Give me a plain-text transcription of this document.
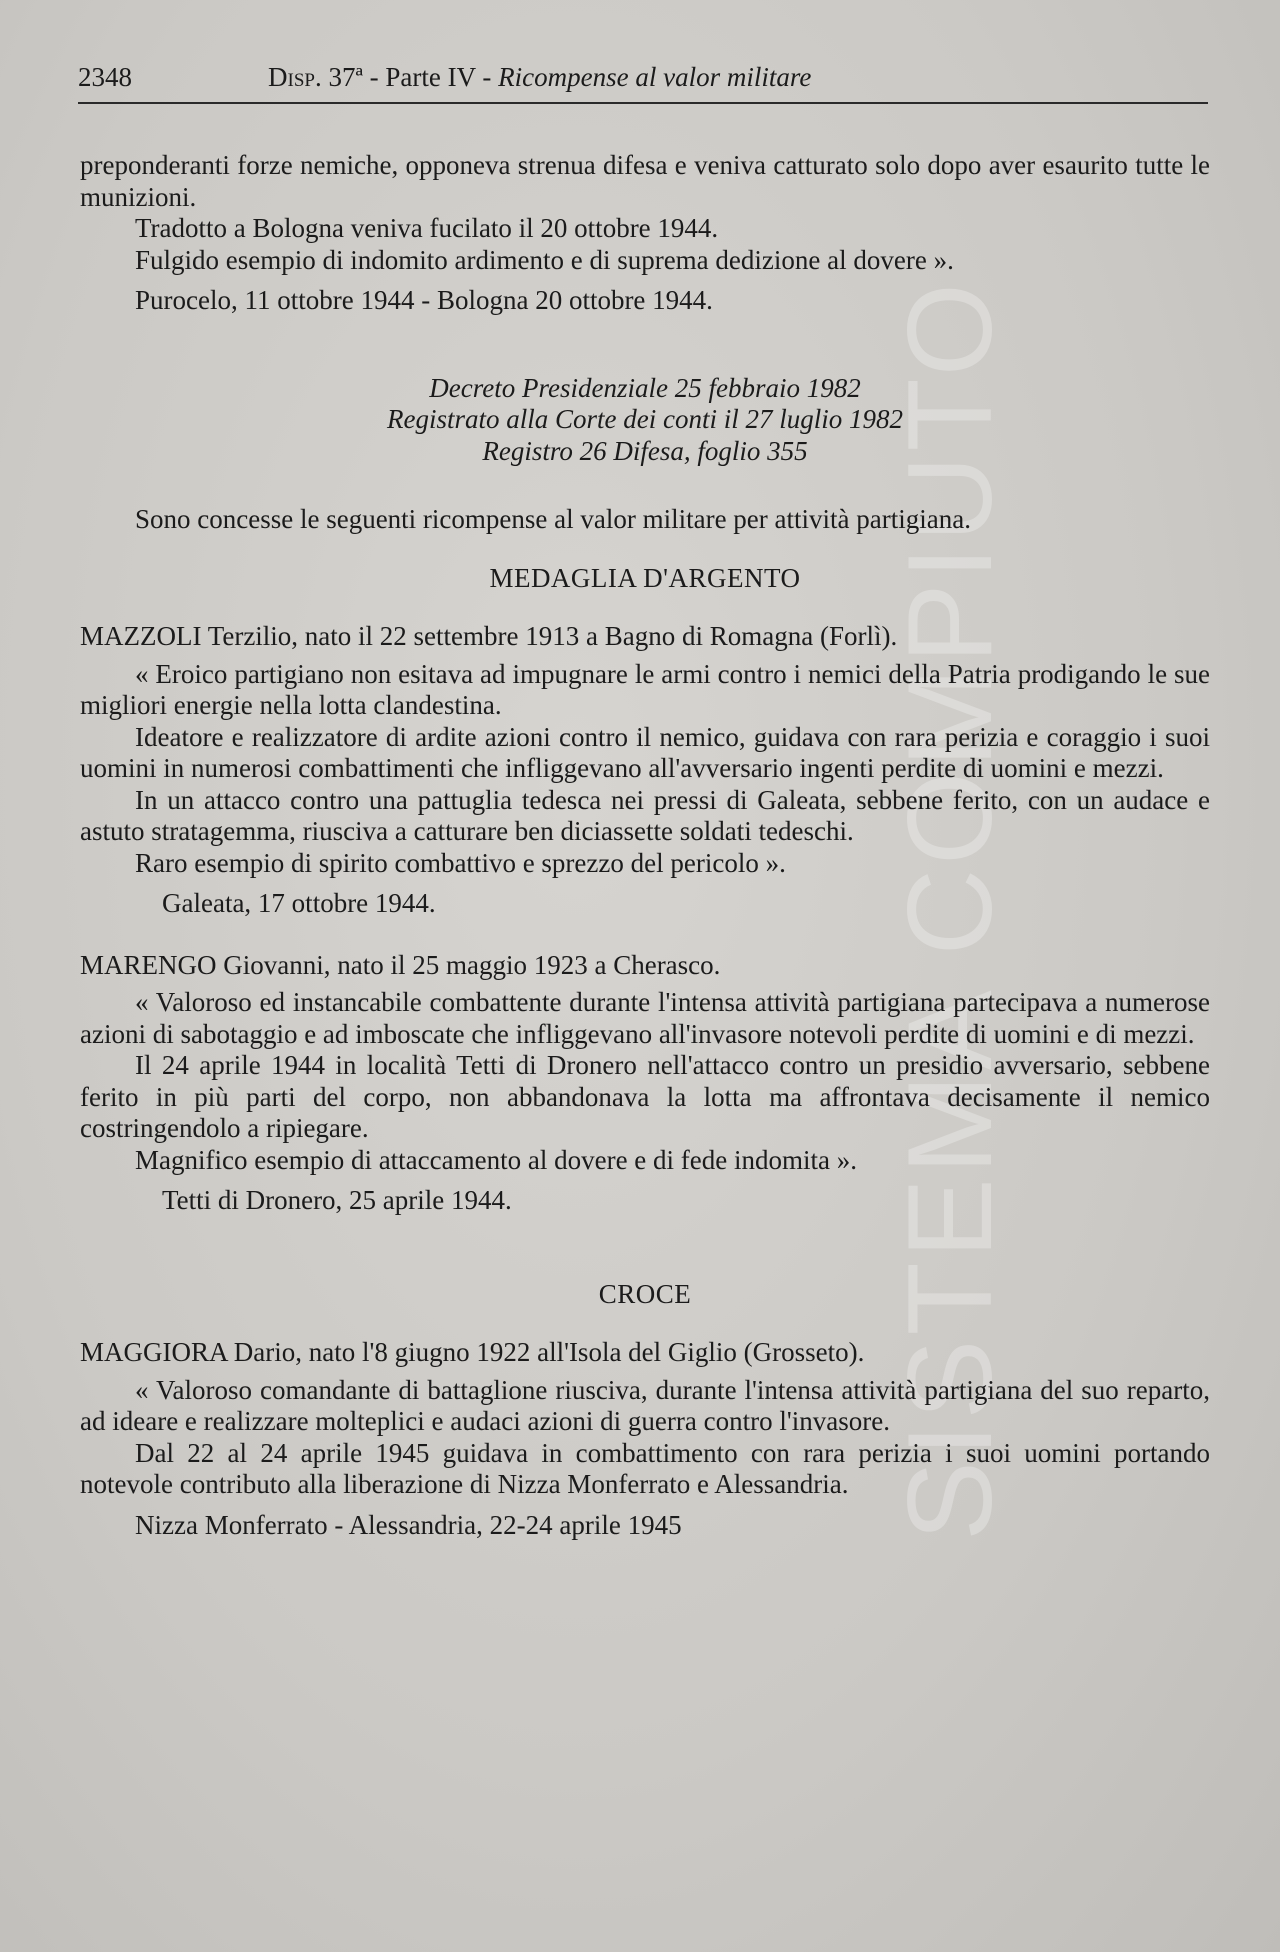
SISTEMA COMPIUTO
2348	Disp. 37ª - Parte IV - Ricompense al valor militare

preponderanti forze nemiche, opponeva strenua difesa e veniva catturato solo dopo aver esaurito tutte le munizioni.

Tradotto a Bologna veniva fucilato il 20 ottobre 1944.

Fulgido esempio di indomito ardimento e di suprema dedizione al dovere ».

Purocelo, 11 ottobre 1944 - Bologna 20 ottobre 1944.

Decreto Presidenziale 25 febbraio 1982

Registrato alla Corte dei conti il 27 luglio 1982

Registro 26 Difesa, foglio 355

Sono concesse le seguenti ricompense al valor militare per attività partigiana.

MEDAGLIA D'ARGENTO

MAZZOLI Terzilio, nato il 22 settembre 1913 a Bagno di Romagna (Forlì).

« Eroico partigiano non esitava ad impugnare le armi contro i nemici della Patria prodigando le sue migliori energie nella lotta clandestina.

Ideatore e realizzatore di ardite azioni contro il nemico, guidava con rara perizia e coraggio i suoi uomini in numerosi combattimenti che infliggevano all'avversario ingenti perdite di uomini e mezzi.

In un attacco contro una pattuglia tedesca nei pressi di Galeata, sebbene ferito, con un audace e astuto stratagemma, riusciva a catturare ben diciassette soldati tedeschi.

Raro esempio di spirito combattivo e sprezzo del pericolo ».

Galeata, 17 ottobre 1944.

MARENGO Giovanni, nato il 25 maggio 1923 a Cherasco.

« Valoroso ed instancabile combattente durante l'intensa attività partigiana partecipava a numerose azioni di sabotaggio e ad imboscate che infliggevano all'invasore notevoli perdite di uomini e di mezzi.

Il 24 aprile 1944 in località Tetti di Dronero nell'attacco contro un presidio avversario, sebbene ferito in più parti del corpo, non abbandonava la lotta ma affrontava decisamente il nemico costringendolo a ripiegare.

Magnifico esempio di attaccamento al dovere e di fede indomita ».

Tetti di Dronero, 25 aprile 1944.

CROCE

MAGGIORA Dario, nato l'8 giugno 1922 all'Isola del Giglio (Grosseto).

« Valoroso comandante di battaglione riusciva, durante l'intensa attività partigiana del suo reparto, ad ideare e realizzare molteplici e audaci azioni di guerra contro l'invasore.

Dal 22 al 24 aprile 1945 guidava in combattimento con rara perizia i suoi uomini portando notevole contributo alla liberazione di Nizza Monferrato e Alessandria.

Nizza Monferrato - Alessandria, 22-24 aprile 1945
